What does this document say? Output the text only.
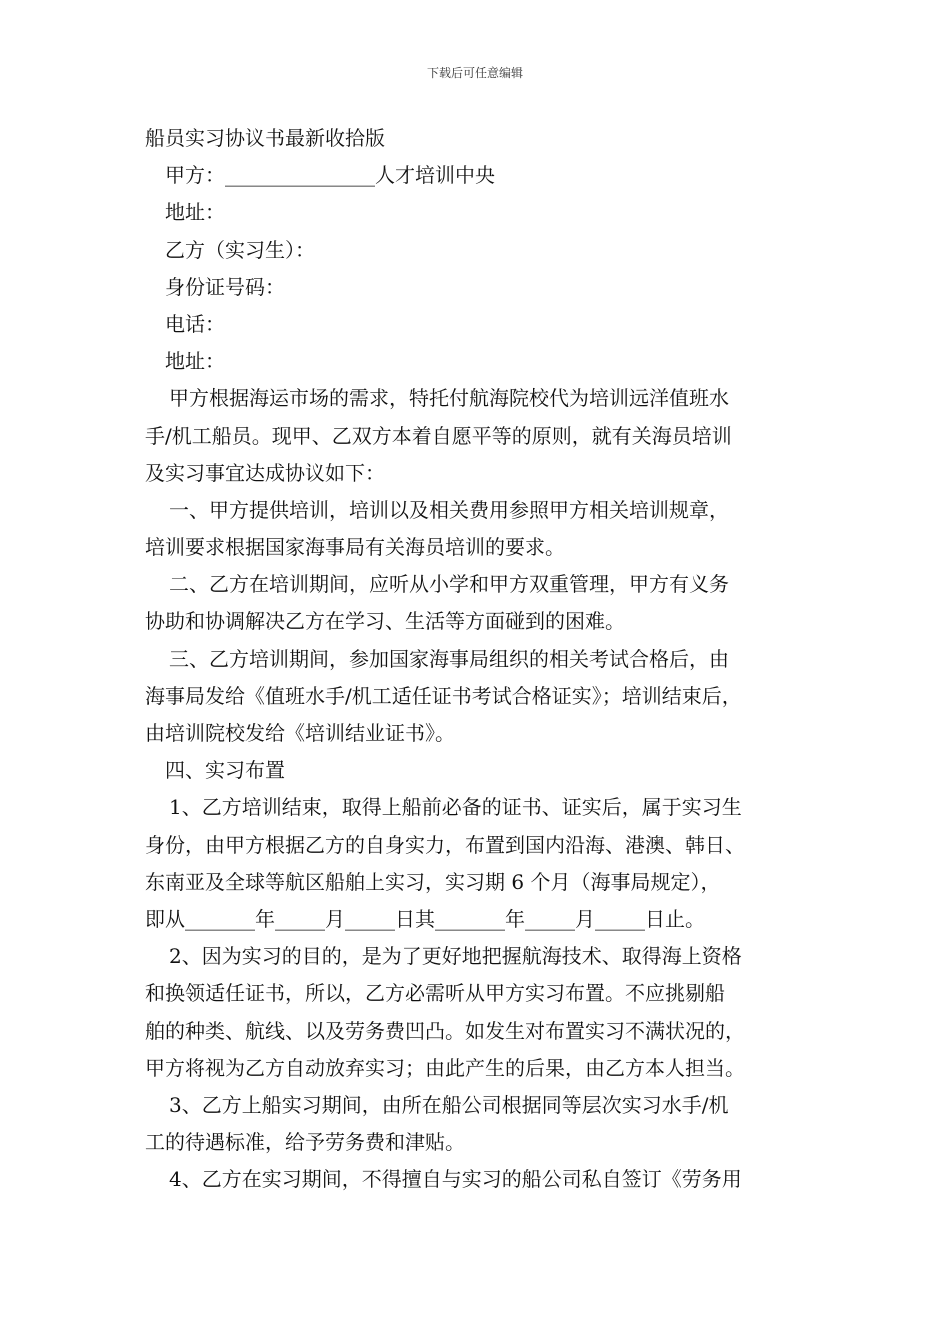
下载后可任意编辑
船员实习协议书最新收拾版
甲方：_______________人才培训中央
地址：
乙方（实习生）：
身份证号码：
电话：
地址：
甲方根据海运市场的需求，特托付航海院校代为培训远洋值班水
手/机工船员。现甲、乙双方本着自愿平等的原则，就有关海员培训
及实习事宜达成协议如下：
一、甲方提供培训，培训以及相关费用参照甲方相关培训规章，
培训要求根据国家海事局有关海员培训的要求。
二、乙方在培训期间，应听从小学和甲方双重管理，甲方有义务
协助和协调解决乙方在学习、生活等方面碰到的困难。
三、乙方培训期间，参加国家海事局组织的相关考试合格后，由
海事局发给《值班水手/机工适任证书考试合格证实》；培训结束后，
由培训院校发给《培训结业证书》。
四、实习布置
1、乙方培训结束，取得上船前必备的证书、证实后，属于实习生
身份，由甲方根据乙方的自身实力，布置到国内沿海、港澳、韩日、
东南亚及全球等航区船舶上实习，实习期 6 个月（海事局规定），
即从_______年_____月_____日其_______年_____月_____日止。
2、因为实习的目的，是为了更好地把握航海技术、取得海上资格
和换领适任证书，所以，乙方必需听从甲方实习布置。不应挑剔船
舶的种类、航线、以及劳务费凹凸。如发生对布置实习不满状况的，
甲方将视为乙方自动放弃实习；由此产生的后果，由乙方本人担当。
3、乙方上船实习期间，由所在船公司根据同等层次实习水手/机
工的待遇标准，给予劳务费和津贴。
4、乙方在实习期间，不得擅自与实习的船公司私自签订《劳务用
